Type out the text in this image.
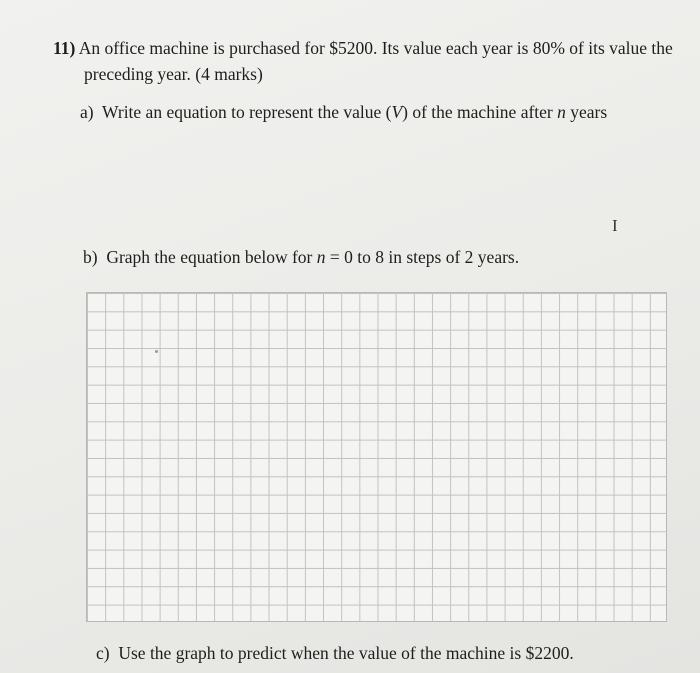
11) An office machine is purchased for $5200. Its value each year is 80% of its value the
preceding year. (4 marks)
a) Write an equation to represent the value (V) of the machine after n years
I
b) Graph the equation below for n = 0 to 8 in steps of 2 years.
c) Use the graph to predict when the value of the machine is $2200.
